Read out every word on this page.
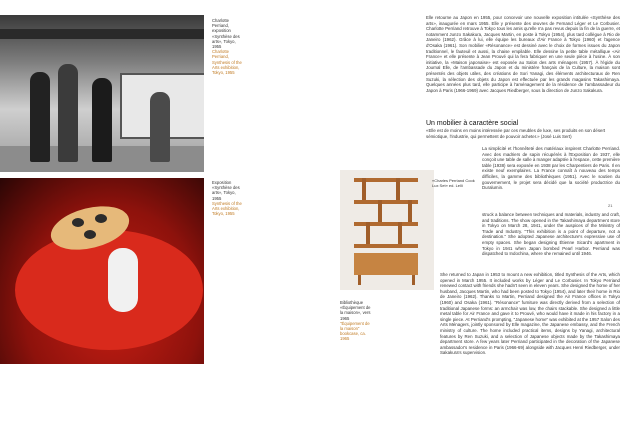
Charlotte Perriand, exposition «Synthèse des arts», Tokyo, 1955
Charlotte Perriand, Synthesis of the Arts exhibition, Tokyo, 1955
Exposition «Synthèse des arts», Tokyo, 1955
Synthesis of the Arts exhibition, Tokyo, 1955
Bibliothèque «Équipement de la maison», vers 1965
"Équipement de la maison" bookcase, ca. 1965
Elle retourne au Japon en 1955, pour concevoir une nouvelle exposition intitulée «Synthèse des arts», inaugurée en mars 1955. Elle y présente des œuvres de Fernand Léger et Le Corbusier. Charlotte Perriand retrouve à Tokyo tous les amis qu'elle n'a pas revus depuis la fin de la guerre, et notamment Junzo Sakakura, Jacques Martin, en poste à Tokyo (1954), plus tard collègue à Rio de Janeiro (1962). Grâce à lui, elle équipe les bureaux d'Air France à Tokyo (1960) et l'agence d'Osaka (1961). Son mobilier «Résonance» est dessiné avec le choix de formes issues du Japon traditionnel, le fauteuil et aussi, la chaise empilable. Elle dessine la petite table métallique «Air France» et elle présente à Jean Prouvé qui la fera fabriquer en une seule pièce à l'usine. À son initiative, la «Maison japonaise» est exposée au Salon des arts ménagers (1957). À l'égide du Journal Elle, de l'ambassade du Japon et du ministère français de la Culture, la maison sont présentés des objets utiles, des créations de Sori Yanagi, des éléments architecturaux de Ren Suzuki, la sélection des objets du Japon est effectuée par les grands magasins Takashimaya. Quelques années plus tard, elle participe à l'aménagement de la résidence de l'ambassadeur du Japon à Paris (1966-1969) avec Jacques Riedberger, sous la direction de Junzo Sakakura.
Un mobilier à caractère social
«Elle est de moins en moins intéressée par ces meubles de luxe, ses produits en son désert sémiotique, l'industrie, qui permettent de pouvoir acheter.» (José Luis Sert)
La simplicité et l'honnêteté des matériaux inspirent Charlotte Perriand. Avec des madriers de sapin récupérés à l'Exposition de 1937, elle conçoit une table de salle à manger adaptée à l'espace, cette première table (1938) sera exposée en 1938 par les Charpentiers de Paris. Il en existe neuf exemplaires. La France connaît à nouveau des temps difficiles, la gamme des bibliothèques (1951). Avec le soutien du gouvernement, le projet sera décidé que la société productrice du Duralumin.
«Charles Perriand Cook Lux Set» ed. Lelli
21
struck a balance between techniques and materials, industry and craft, and traditions. The show opened in the Takashimaya department store in Tokyo on March 28, 1941, under the auspices of the Ministry of Trade and Industry. "This exhibition is a point of departure, not a destination." She adopted Japanese architecture's expressive use of empty spaces. She began designing Étienne Sicard's apartment in Tokyo in 1941 when Japan bombed Pearl Harbor. Perriand was dispatched to Indochina, where she remained until 1946.
She returned to Japan in 1953 to mount a new exhibition, titled Synthesis of the Arts, which opened in March 1955. It included works by Léger and Le Corbusier. In Tokyo Perriand renewed contact with friends she hadn't seen in eleven years. She designed the home of her husband, Jacques Martin, who had been posted to Tokyo (1954), and later their home in Rio de Janeiro (1962). Thanks to Martin, Perriand designed the Air France offices in Tokyo (1960) and Osaka (1961). "Résonance" furniture was directly derived from a selection of traditional Japanese forms: an armchair was low, the chairs stackable. She designed a little metal table for Air France and gave it to Prouvé, who would have it made in his factory in a single piece. At Perriand's prompting, "Japanese home" was exhibited at the 1957 Salon des Arts Ménagers, jointly sponsored by Elle magazine, the Japanese embassy, and the French ministry of culture. The home included practical items, designs by Yanagi, architectural features by Ren Suzuki, and a selection of Japanese objects made by the Takashimaya department store. A few years later Perriand participated in the decoration of the Japanese ambassador's residence in Paris (1966-69) alongside with Jacques Henri Riedberger, under Sakakura's supervision.
